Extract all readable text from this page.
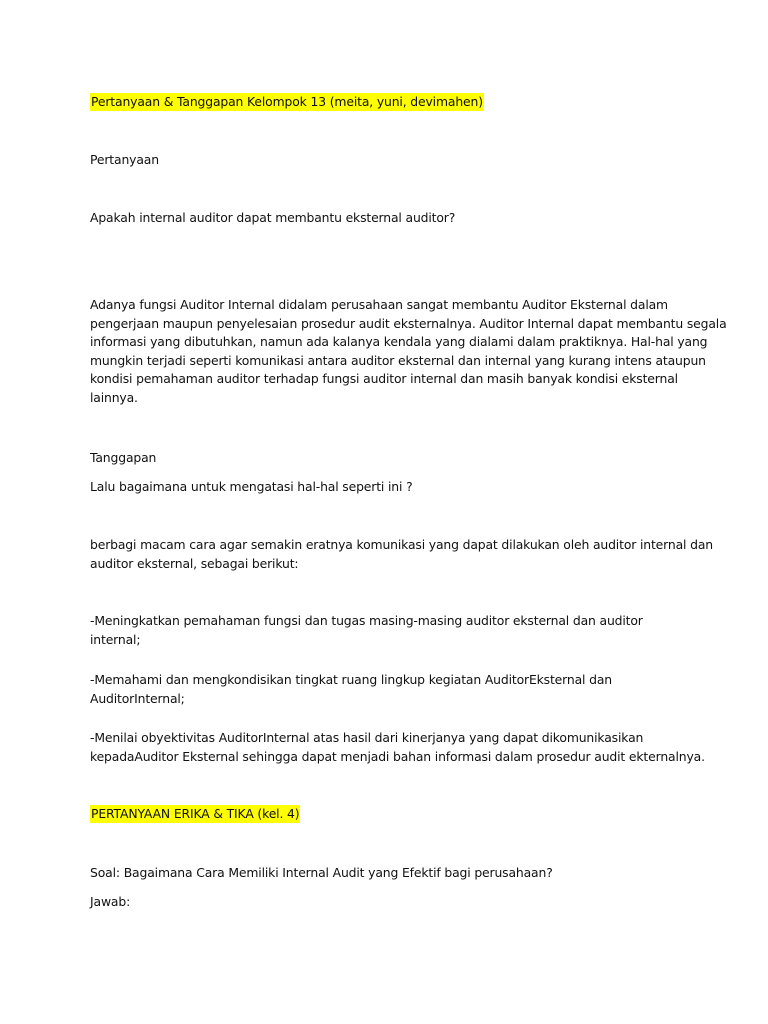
Pertanyaan & Tanggapan Kelompok 13 (meita, yuni, devimahen)

Pertanyaan

Apakah internal auditor dapat membantu eksternal auditor?

Adanya fungsi Auditor Internal didalam perusahaan sangat membantu Auditor Eksternal dalam
pengerjaan maupun penyelesaian prosedur audit eksternalnya. Auditor Internal dapat membantu segala
informasi yang dibutuhkan, namun ada kalanya kendala yang dialami dalam prakti̇knya. Hal-hal yang
mungkin terjadi seperti̇ komunikasi antara auditor eksternal dan internal yang kurang intens ataupun
kondisi pemahaman auditor terhadap fungsi auditor internal dan masih banyak kondisi eksternal
lainnya.

Tanggapan

Lalu bagaimana untuk mengatasi hal-hal seperti̇ ini ?

berbagi macam cara agar semakin eratnya komunikasi yang dapat dilakukan oleh auditor internal dan
auditor eksternal, sebagai berikut:

-Meningkatkan pemahaman fungsi dan tugas masing-masing auditor eksternal dan auditor internal;

-Memahami dan mengkondisikan ti̇ngkat ruang lingkup kegiatan AuditorEksternal dan AuditorInternal;

-Menilai obyekti̇vitas AuditorInternal atas hasil dari kinerjanya yang dapat dikomunikasikan
kepadaAuditor Eksternal sehingga dapat menjadi bahan informasi dalam prosedur audit ekternalnya.

PERTANYAAN ERIKA & TIKA (kel. 4)

Soal: Bagaimana Cara Memiliki Internal Audit yang Efekti̇f bagi perusahaan?

Jawab:
